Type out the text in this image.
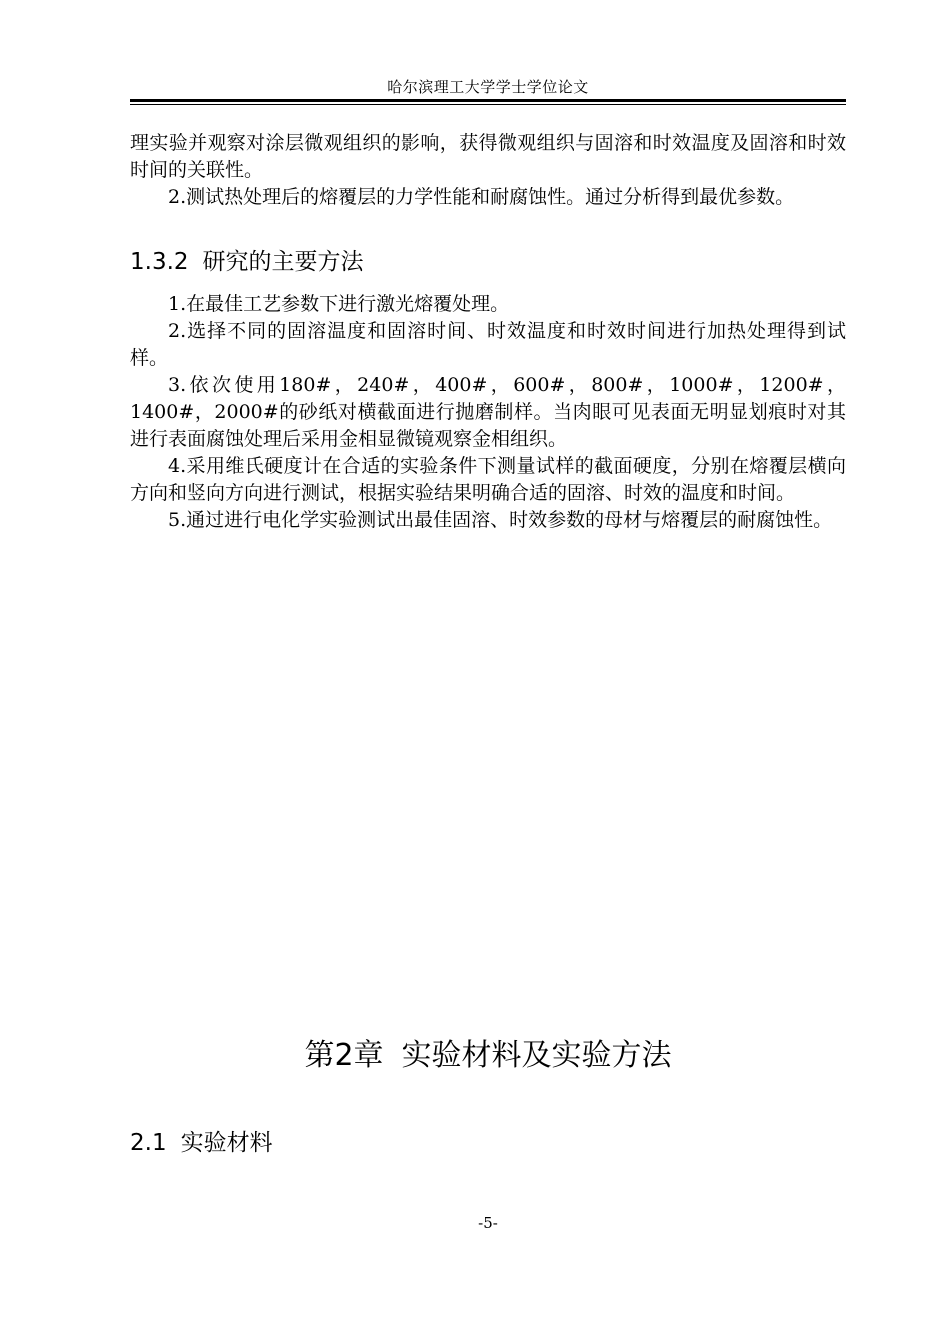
哈尔滨理工大学学士学位论文

理实验并观察对涂层微观组织的影响，获得微观组织与固溶和时效温度及固溶和时效时间的关联性。

2.测试热处理后的熔覆层的力学性能和耐腐蚀性。通过分析得到最优参数。

1.3.2 研究的主要方法

1.在最佳工艺参数下进行激光熔覆处理。

2.选择不同的固溶温度和固溶时间、时效温度和时效时间进行加热处理得到试样。

3.依次使用180#，240#，400#，600#，800#，1000#，1200#，1400#，2000#的砂纸对横截面进行抛磨制样。当肉眼可见表面无明显划痕时对其进行表面腐蚀处理后采用金相显微镜观察金相组织。

4.采用维氏硬度计在合适的实验条件下测量试样的截面硬度，分别在熔覆层横向方向和竖向方向进行测试，根据实验结果明确合适的固溶、时效的温度和时间。

5.通过进行电化学实验测试出最佳固溶、时效参数的母材与熔覆层的耐腐蚀性。

第2章 实验材料及实验方法
2.1 实验材料
-5-
